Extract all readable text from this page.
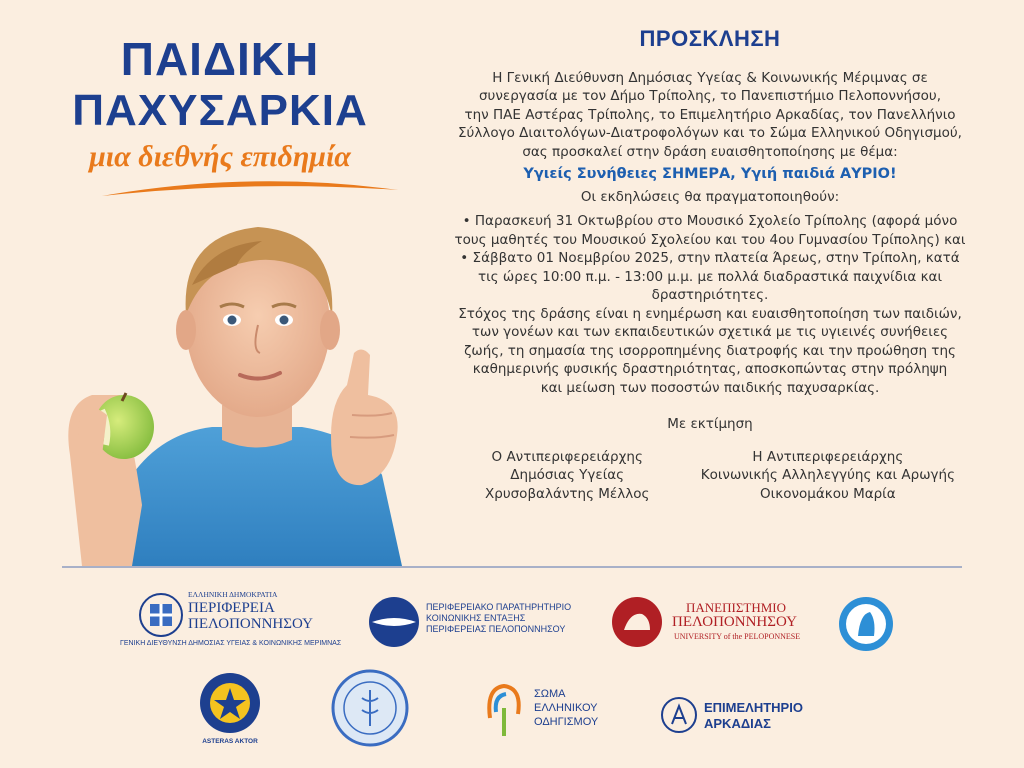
ΠΑΙΔΙΚΗ
ΠΑΧΥΣΑΡΚΙΑ
μια διεθνής επιδημία
ΠΡΟΣΚΛΗΣΗ
Η Γενική Διεύθυνση Δημόσιας Υγείας & Κοινωνικής Μέριμνας σε
συνεργασία με τον Δήμο Τρίπολης, το Πανεπιστήμιο Πελοποννήσου,
την ΠΑΕ Αστέρας Τρίπολης, το Επιμελητήριο Αρκαδίας, τον Πανελλήνιο
Σύλλογο Διαιτολόγων-Διατροφολόγων και το Σώμα Ελληνικού Οδηγισμού,
σας προσκαλεί στην δράση ευαισθητοποίησης με θέμα:
Υγιείς Συνήθειες ΣΗΜΕΡΑ, Υγιή παιδιά ΑΥΡΙΟ!
Οι εκδηλώσεις θα πραγματοποιηθούν:
• Παρασκευή 31 Οκτωβρίου στο Μουσικό Σχολείο Τρίπολης (αφορά μόνο
τους μαθητές του Μουσικού Σχολείου και του 4ου Γυμνασίου Τρίπολης) και
• Σάββατο 01 Νοεμβρίου 2025, στην πλατεία Άρεως, στην Τρίπολη, κατά
τις ώρες 10:00 π.μ. - 13:00 μ.μ. με πολλά διαδραστικά παιχνίδια και
δραστηριότητες.
Στόχος της δράσης είναι η ενημέρωση και ευαισθητοποίηση των παιδιών,
των γονέων και των εκπαιδευτικών σχετικά με τις υγιεινές συνήθειες
ζωής, τη σημασία της ισορροπημένης διατροφής και την προώθηση της
καθημερινής φυσικής δραστηριότητας, αποσκοπώντας στην πρόληψη
και μείωση των ποσοστών παιδικής παχυσαρκίας.
Με εκτίμηση
Ο Αντιπεριφερειάρχης
Δημόσιας Υγείας
Χρυσοβαλάντης Μέλλος
Η Αντιπεριφερειάρχης
Κοινωνικής Αλληλεγγύης και Αρωγής
Οικονομάκου Μαρία
ΕΛΛΗΝΙΚΗ ΔΗΜΟΚΡΑΤΙΑ
ΠΕΡΙΦΕΡΕΙΑ
ΠΕΛΟΠΟΝΝΗΣΟΥ
ΓΕΝΙΚΗ ΔΙΕΥΘΥΝΣΗ ΔΗΜΟΣΙΑΣ ΥΓΕΙΑΣ & ΚΟΙΝΩΝΙΚΗΣ ΜΕΡΙΜΝΑΣ
ΠΕΡΙΦΕΡΕΙΑΚΟ ΠΑΡΑΤΗΡΗΤΗΡΙΟ
ΚΟΙΝΩΝΙΚΗΣ ΕΝΤΑΞΗΣ
ΠΕΡΙΦΕΡΕΙΑΣ ΠΕΛΟΠΟΝΝΗΣΟΥ
ΠΑΝΕΠΙΣΤΗΜΙΟ
ΠΕΛΟΠΟΝΝΗΣΟΥ
UNIVERSITY of the PELOPONNESE
ASTERAS AKTOR
ΣΩΜΑ
ΕΛΛΗΝΙΚΟΥ
ΟΔΗΓΙΣΜΟΥ
ΕΠΙΜΕΛΗΤΗΡΙΟ
ΑΡΚΑΔΙΑΣ
